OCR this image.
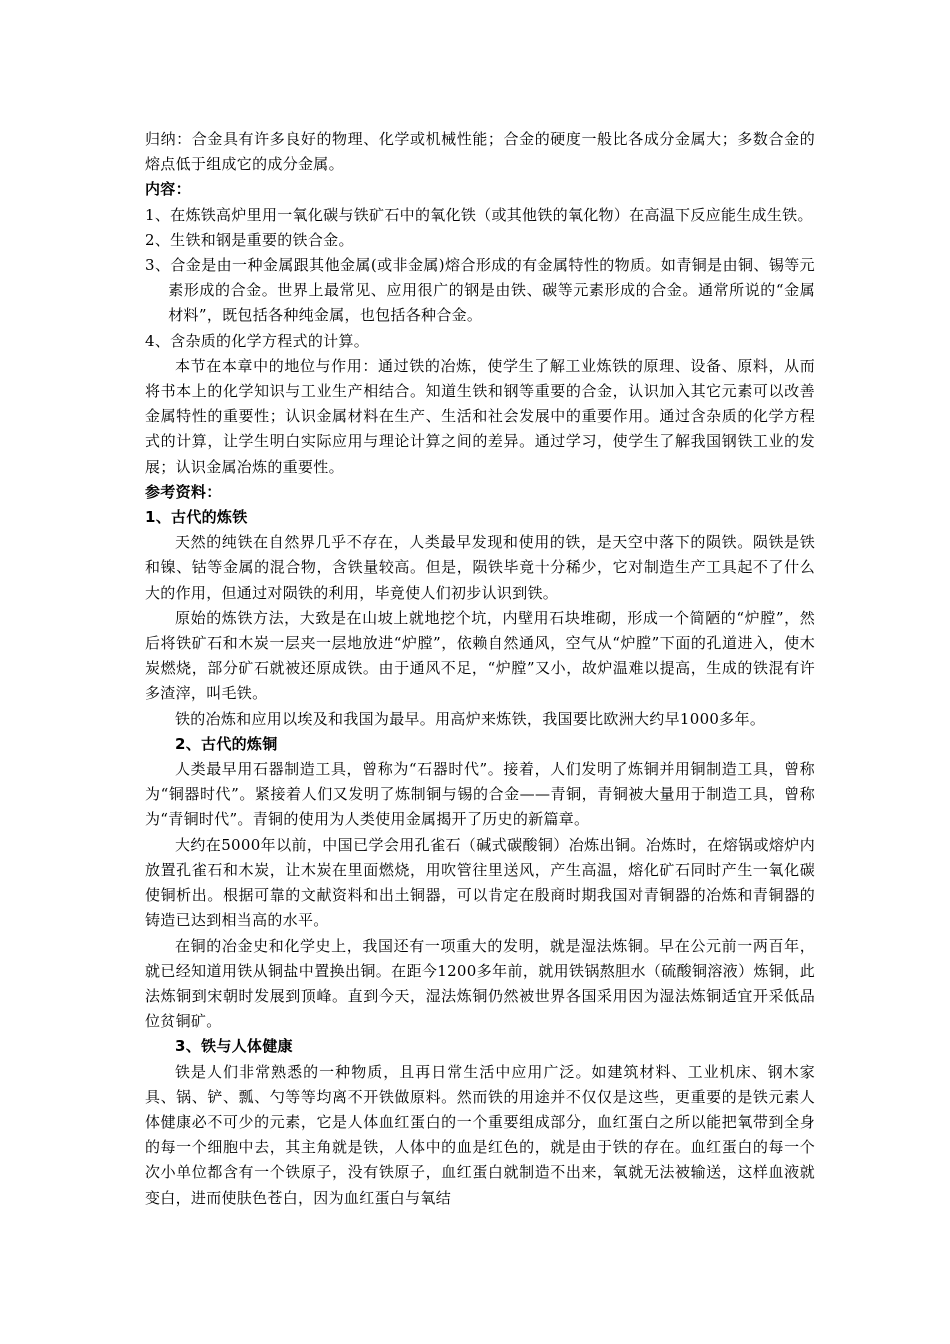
归纳：合金具有许多良好的物理、化学或机械性能；合金的硬度一般比各成分金属大；多数合金的熔点低于组成它的成分金属。

内容：

1、在炼铁高炉里用一氧化碳与铁矿石中的氧化铁（或其他铁的氧化物）在高温下反应能生成生铁。

2、生铁和钢是重要的铁合金。

3、合金是由一种金属跟其他金属(或非金属)熔合形成的有金属特性的物质。如青铜是由铜、锡等元素形成的合金。世界上最常见、应用很广的钢是由铁、碳等元素形成的合金。通常所说的“金属材料”，既包括各种纯金属，也包括各种合金。

4、含杂质的化学方程式的计算。

本节在本章中的地位与作用：通过铁的冶炼，使学生了解工业炼铁的原理、设备、原料，从而将书本上的化学知识与工业生产相结合。知道生铁和钢等重要的合金，认识加入其它元素可以改善金属特性的重要性；认识金属材料在生产、生活和社会发展中的重要作用。通过含杂质的化学方程式的计算，让学生明白实际应用与理论计算之间的差异。通过学习，使学生了解我国钢铁工业的发展；认识金属冶炼的重要性。

参考资料：

1、古代的炼铁

天然的纯铁在自然界几乎不存在，人类最早发现和使用的铁，是天空中落下的陨铁。陨铁是铁和镍、钴等金属的混合物，含铁量较高。但是，陨铁毕竟十分稀少，它对制造生产工具起不了什么大的作用，但通过对陨铁的利用，毕竟使人们初步认识到铁。

原始的炼铁方法，大致是在山坡上就地挖个坑，内壁用石块堆砌，形成一个简陋的“炉膛”，然后将铁矿石和木炭一层夹一层地放进“炉膛”，依赖自然通风，空气从“炉膛”下面的孔道进入，使木炭燃烧，部分矿石就被还原成铁。由于通风不足，“炉膛”又小，故炉温难以提高，生成的铁混有许多渣滓，叫毛铁。

铁的冶炼和应用以埃及和我国为最早。用高炉来炼铁，我国要比欧洲大约早1000多年。

2、古代的炼铜

人类最早用石器制造工具，曾称为“石器时代”。接着，人们发明了炼铜并用铜制造工具，曾称为“铜器时代”。紧接着人们又发明了炼制铜与锡的合金——青铜，青铜被大量用于制造工具，曾称为“青铜时代”。青铜的使用为人类使用金属揭开了历史的新篇章。

大约在5000年以前，中国已学会用孔雀石（碱式碳酸铜）冶炼出铜。冶炼时，在熔锅或熔炉内放置孔雀石和木炭，让木炭在里面燃烧，用吹管往里送风，产生高温，熔化矿石同时产生一氧化碳使铜析出。根据可靠的文献资料和出土铜器，可以肯定在殷商时期我国对青铜器的冶炼和青铜器的铸造已达到相当高的水平。

在铜的冶金史和化学史上，我国还有一项重大的发明，就是湿法炼铜。早在公元前一两百年，就已经知道用铁从铜盐中置换出铜。在距今1200多年前，就用铁锅熬胆水（硫酸铜溶液）炼铜，此法炼铜到宋朝时发展到顶峰。直到今天，湿法炼铜仍然被世界各国采用因为湿法炼铜适宜开采低品位贫铜矿。

3、铁与人体健康

铁是人们非常熟悉的一种物质，且再日常生活中应用广泛。如建筑材料、工业机床、钢木家具、锅、铲、瓢、勺等等均离不开铁做原料。然而铁的用途并不仅仅是这些，更重要的是铁元素人体健康必不可少的元素，它是人体血红蛋白的一个重要组成部分，血红蛋白之所以能把氧带到全身的每一个细胞中去，其主角就是铁，人体中的血是红色的，就是由于铁的存在。血红蛋白的每一个次小单位都含有一个铁原子，没有铁原子，血红蛋白就制造不出来，氧就无法被输送，这样血液就变白，进而使肤色苍白，因为血红蛋白与氧结
